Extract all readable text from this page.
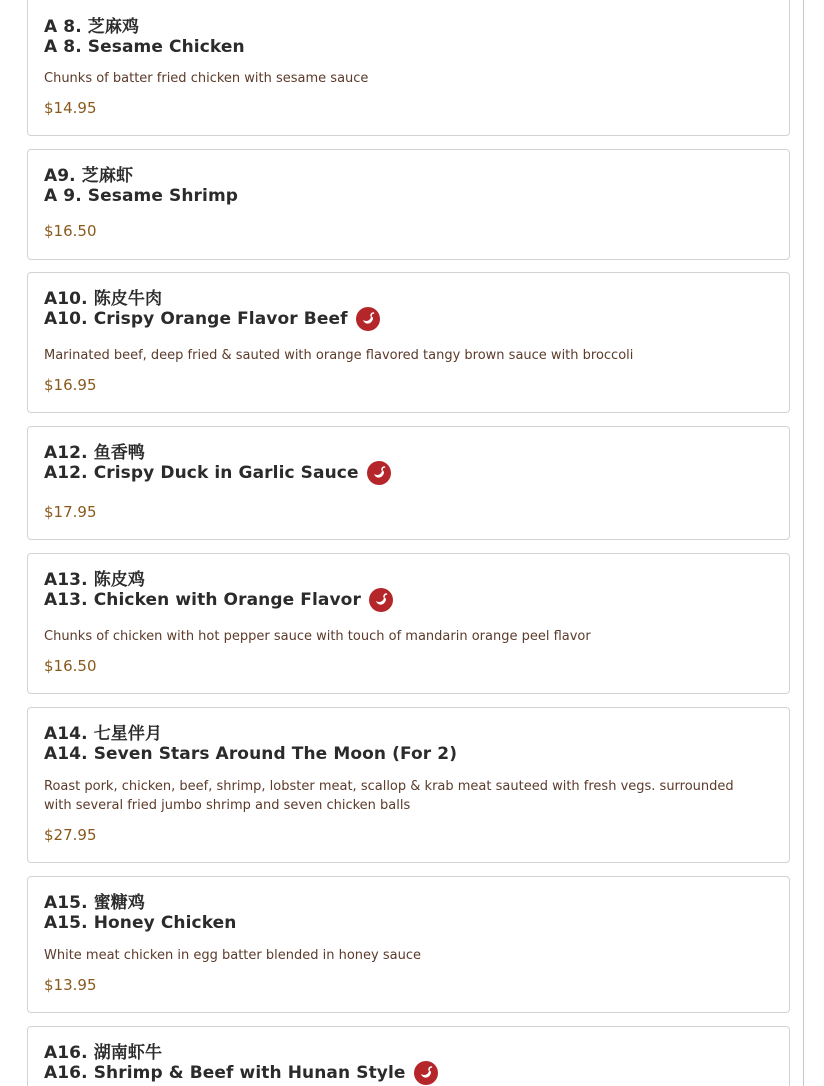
A 8. 芝麻鸡

A 8. Sesame Chicken

Chunks of batter fried chicken with sesame sauce

$14.95

A9. 芝麻虾

A 9. Sesame Shrimp

$16.50

A10. 陈皮牛肉

A10. Crispy Orange Flavor Beef

Marinated beef, deep fried & sauted with orange flavored tangy brown sauce with broccoli

$16.95

A12. 鱼香鸭

A12. Crispy Duck in Garlic Sauce

$17.95

A13. 陈皮鸡

A13. Chicken with Orange Flavor

Chunks of chicken with hot pepper sauce with touch of mandarin orange peel flavor

$16.50

A14. 七星伴月

A14. Seven Stars Around The Moon (For 2)

Roast pork, chicken, beef, shrimp, lobster meat, scallop & krab meat sauteed with fresh vegs. surrounded with several fried jumbo shrimp and seven chicken balls

$27.95

A15. 蜜糖鸡

A15. Honey Chicken

White meat chicken in egg batter blended in honey sauce

$13.95

A16. 湖南虾牛

A16. Shrimp & Beef with Hunan Style
